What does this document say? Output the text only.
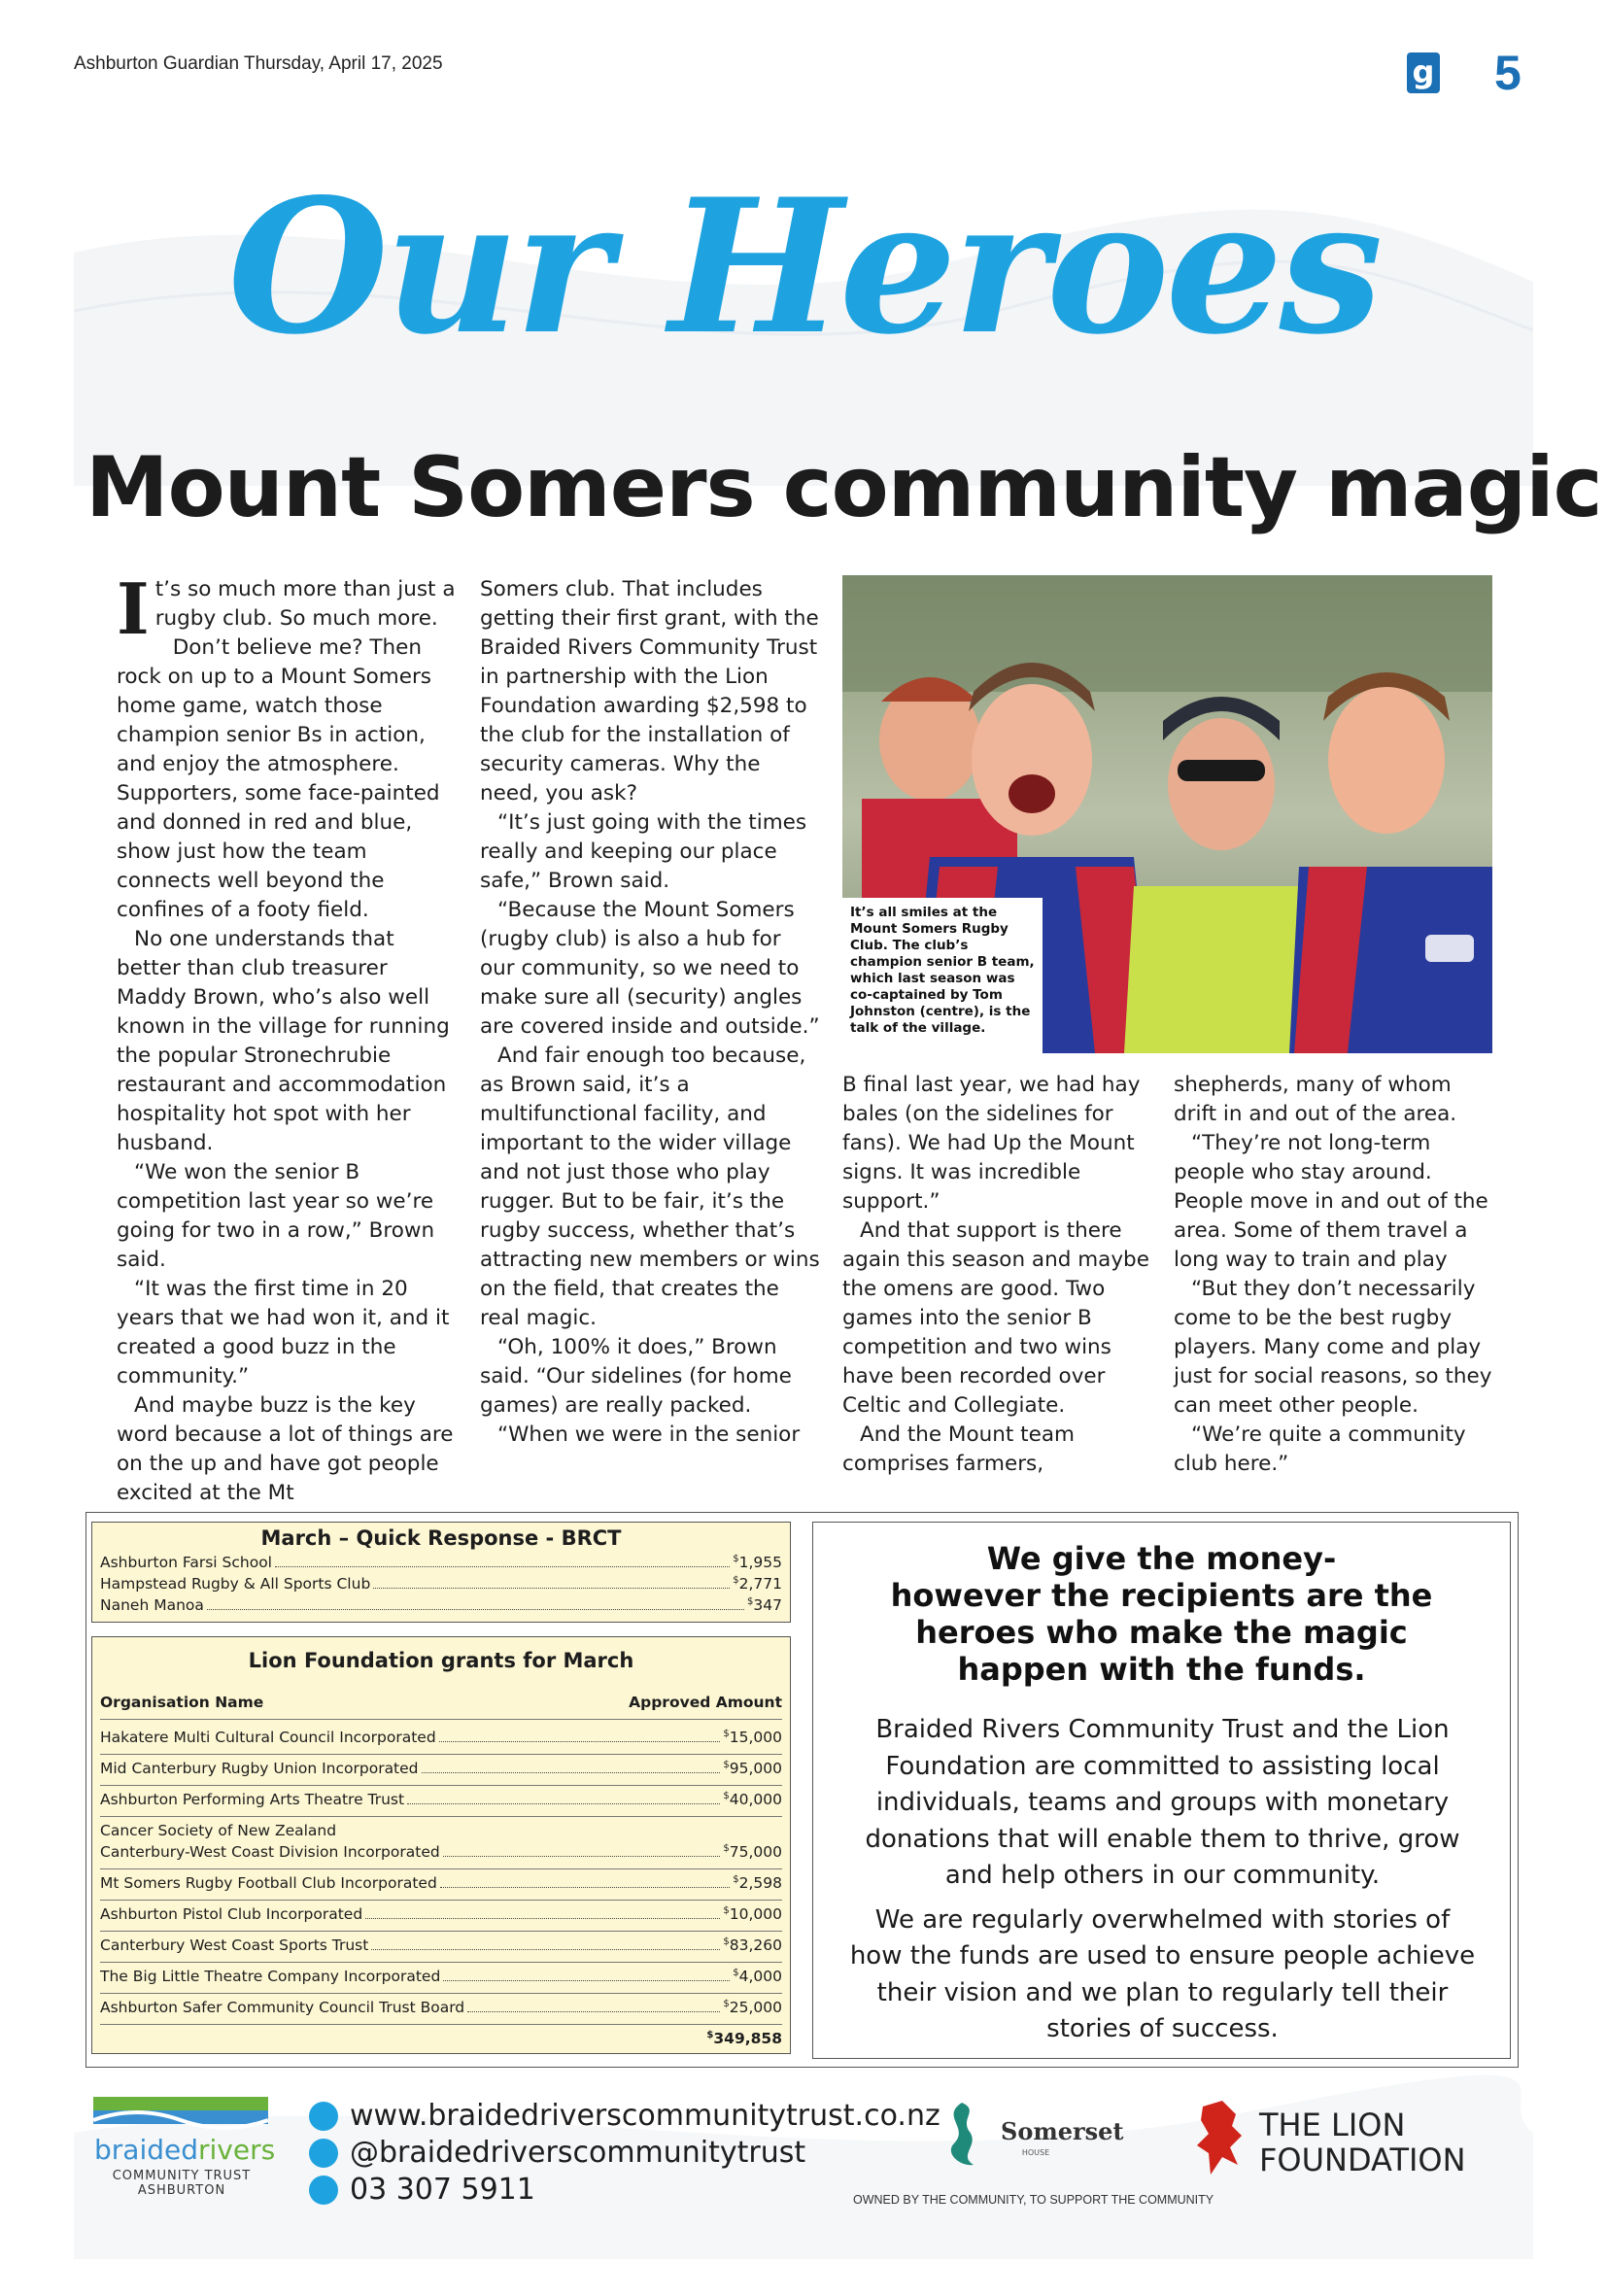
Ashburton Guardian Thursday, April 17, 2025	g 5
Our Heroes
Mount Somers community magic
I t’s so much more than just a rugby club. So much more.

Don’t believe me? Then rock on up to a Mount Somers home game, watch those champion senior Bs in action, and enjoy the atmosphere. Supporters, some face-painted and donned in red and blue, show just how the team connects well beyond the confines of a footy field.

No one understands that better than club treasurer Maddy Brown, who’s also well known in the village for running the popular Stronechrubie restaurant and accommodation hospitality hot spot with her husband.

“We won the senior B competition last year so we’re going for two in a row,” Brown said.

“It was the first time in 20 years that we had won it, and it created a good buzz in the community.”

And maybe buzz is the key word because a lot of things are on the up and have got people excited at the Mt

Somers club. That includes getting their first grant, with the Braided Rivers Community Trust in partnership with the Lion Foundation awarding $2,598 to the club for the installation of security cameras. Why the need, you ask?

“It’s just going with the times really and keeping our place safe,” Brown said.

“Because the Mount Somers (rugby club) is also a hub for our community, so we need to make sure all (security) angles are covered inside and outside.”

And fair enough too because, as Brown said, it’s a multifunctional facility, and important to the wider village and not just those who play rugger. But to be fair, it’s the rugby success, whether that’s attracting new members or wins on the field, that creates the real magic.

“Oh, 100% it does,” Brown said. “Our sidelines (for home games) are really packed.

“When we were in the senior

It’s all smiles at the Mount Somers Rugby Club. The club’s champion senior B team, which last season was co-captained by Tom Johnston (centre), is the talk of the village.

B final last year, we had hay bales (on the sidelines for fans). We had Up the Mount signs. It was incredible support.”

And that support is there again this season and maybe the omens are good. Two games into the senior B competition and two wins have been recorded over Celtic and Collegiate.

And the Mount team comprises farmers,

shepherds, many of whom drift in and out of the area.

“They’re not long-term people who stay around. People move in and out of the area. Some of them travel a long way to train and play

“But they don’t necessarily come to be the best rugby players. Many come and play just for social reasons, so they can meet other people.

“We’re quite a community club here.”

March – Quick Response - BRCT
Ashburton Farsi School	$1,955
Hampstead Rugby & All Sports Club	$2,771
Naneh Manoa	$347
Lion Foundation grants for March
Organisation Name	Approved Amount
Hakatere Multi Cultural Council Incorporated	$15,000
Mid Canterbury Rugby Union Incorporated	$95,000
Ashburton Performing Arts Theatre Trust	$40,000
Cancer Society of New Zealand
Canterbury-West Coast Division Incorporated	$75,000
Mt Somers Rugby Football Club Incorporated	$2,598
Ashburton Pistol Club Incorporated	$10,000
Canterbury West Coast Sports Trust	$83,260
The Big Little Theatre Company Incorporated	$4,000
Ashburton Safer Community Council Trust Board	$25,000
$349,858
We give the money-
however the recipients are the
heroes who make the magic
happen with the funds.

Braided Rivers Community Trust and the Lion Foundation are committed to assisting local individuals, teams and groups with monetary donations that will enable them to thrive, grow and help others in our community.

We are regularly overwhelmed with stories of how the funds are used to ensure people achieve their vision and we plan to regularly tell their stories of success.

braidedrivers
COMMUNITY TRUST
ASHBURTON
www.braidedriverscommunitytrust.co.nz
@braidedriverscommunitytrust
03 307 5911
Somerset
HOUSE
THE LION
FOUNDATION
OWNED BY THE COMMUNITY, TO SUPPORT THE COMMUNITY
